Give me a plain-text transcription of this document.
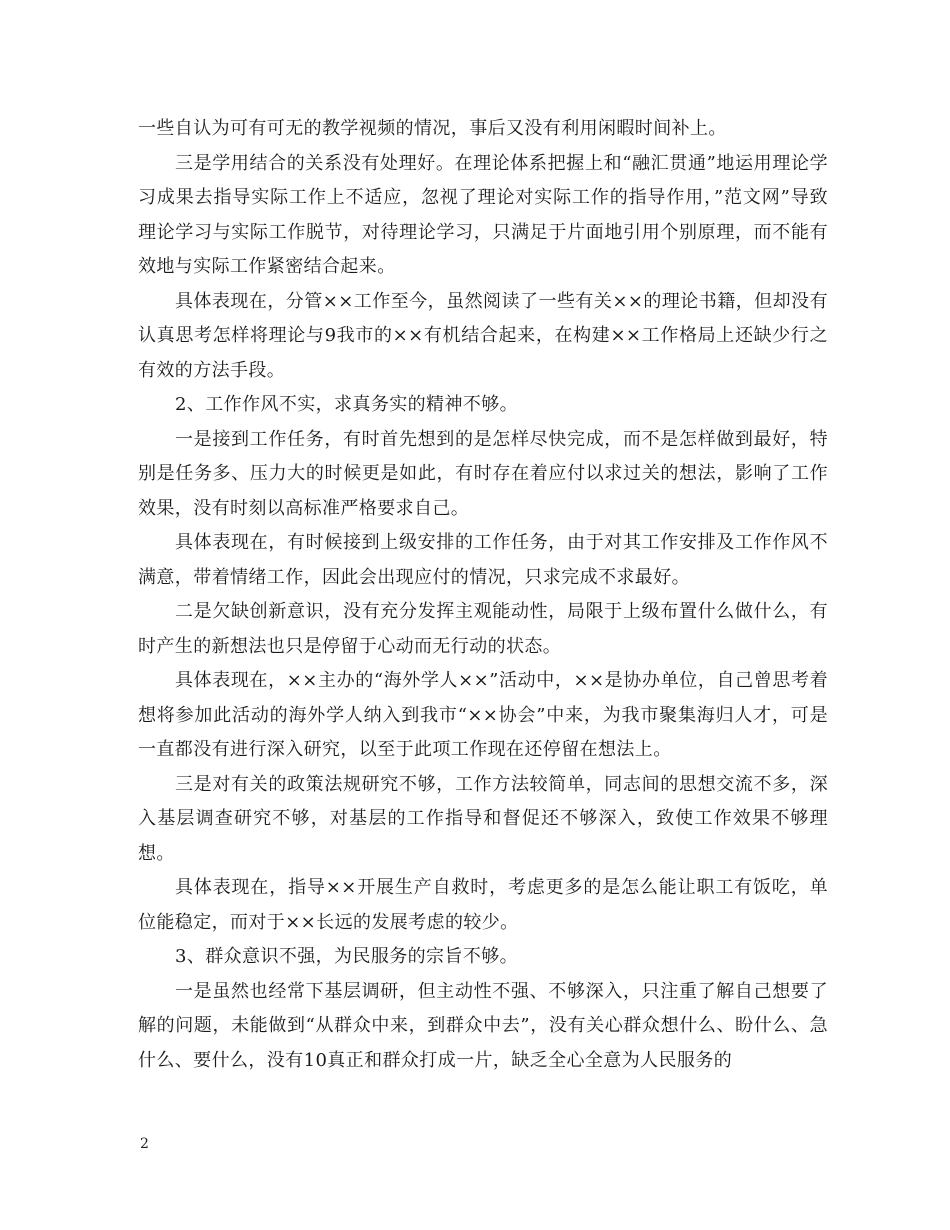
一些自认为可有可无的教学视频的情况，事后又没有利用闲暇时间补上。

三是学用结合的关系没有处理好。在理论体系把握上和“融汇贯通”地运用理论学习成果去指导实际工作上不适应，忽视了理论对实际工作的指导作用，”范文网”导致理论学习与实际工作脱节，对待理论学习，只满足于片面地引用个别原理，而不能有效地与实际工作紧密结合起来。

具体表现在，分管××工作至今，虽然阅读了一些有关××的理论书籍，但却没有认真思考怎样将理论与9我市的××有机结合起来，在构建××工作格局上还缺少行之有效的方法手段。

2、工作作风不实，求真务实的精神不够。

一是接到工作任务，有时首先想到的是怎样尽快完成，而不是怎样做到最好，特别是任务多、压力大的时候更是如此，有时存在着应付以求过关的想法，影响了工作效果，没有时刻以高标准严格要求自己。

具体表现在，有时候接到上级安排的工作任务，由于对其工作安排及工作作风不满意，带着情绪工作，因此会出现应付的情况，只求完成不求最好。

二是欠缺创新意识，没有充分发挥主观能动性，局限于上级布置什么做什么，有时产生的新想法也只是停留于心动而无行动的状态。

具体表现在，××主办的“海外学人××”活动中，××是协办单位，自己曾思考着想将参加此活动的海外学人纳入到我市“××协会”中来，为我市聚集海归人才，可是一直都没有进行深入研究，以至于此项工作现在还停留在想法上。

三是对有关的政策法规研究不够，工作方法较简单，同志间的思想交流不多，深入基层调查研究不够，对基层的工作指导和督促还不够深入，致使工作效果不够理想。

具体表现在，指导××开展生产自救时，考虑更多的是怎么能让职工有饭吃，单位能稳定，而对于××长远的发展考虑的较少。

3、群众意识不强，为民服务的宗旨不够。

一是虽然也经常下基层调研，但主动性不强、不够深入，只注重了解自己想要了解的问题，未能做到“从群众中来，到群众中去”，没有关心群众想什么、盼什么、急什么、要什么，没有10真正和群众打成一片，缺乏全心全意为人民服务的

2
